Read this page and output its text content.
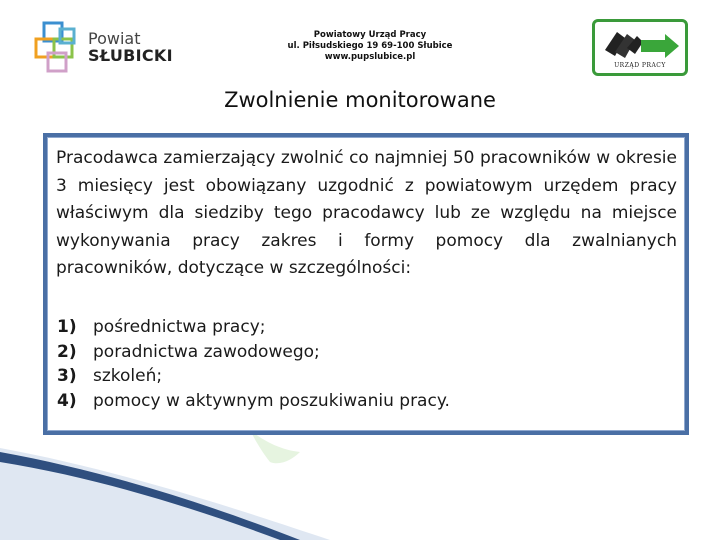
Powiat
SŁUBICKI
Powiatowy Urząd Pracy
ul. Piłsudskiego 19 69-100 Słubice
www.pupslubice.pl
URZĄD PRACY
Zwolnienie monitorowane
Pracodawca zamierzający zwolnić co najmniej 50 pracowników w okresie 3 miesięcy jest obowiązany uzgodnić z powiatowym urzędem pracy właściwym dla siedziby tego pracodawcy lub ze względu na miejsce wykonywania pracy zakres i formy pomocy dla zwalnianych pracowników, dotyczące w szczególności:
1) pośrednictwa pracy;
2) poradnictwa zawodowego;
3) szkoleń;
4) pomocy w aktywnym poszukiwaniu pracy.
